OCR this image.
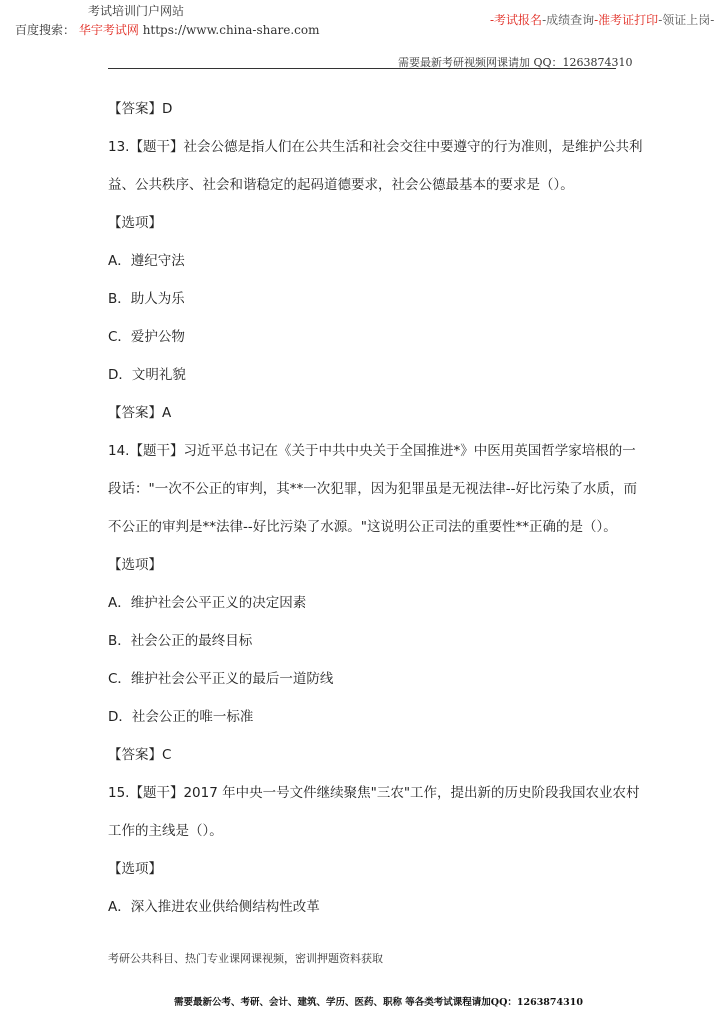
考试培训门户网站
百度搜索： 华宇考试网 https://www.china-share.com
-考试报名-成绩查询-准考证打印-领证上岗-
需要最新考研视频网课请加 QQ：1263874310
【答案】D
13.【题干】社会公德是指人们在公共生活和社会交往中要遵守的行为准则，是维护公共利
益、公共秩序、社会和谐稳定的起码道德要求，社会公德最基本的要求是（）。
【选项】
A．遵纪守法
B．助人为乐
C．爱护公物
D．文明礼貌
【答案】A
14.【题干】习近平总书记在《关于中共中央关于全国推进*》中医用英国哲学家培根的一
段话："一次不公正的审判，其**一次犯罪，因为犯罪虽是无视法律--好比污染了水质，而
不公正的审判是**法律--好比污染了水源。"这说明公正司法的重要性**正确的是（）。
【选项】
A．维护社会公平正义的决定因素
B．社会公正的最终目标
C．维护社会公平正义的最后一道防线
D．社会公正的唯一标准
【答案】C
15.【题干】2017 年中央一号文件继续聚焦"三农"工作，提出新的历史阶段我国农业农村
工作的主线是（）。
【选项】
A．深入推进农业供给侧结构性改革
考研公共科目、热门专业课网课视频，密训押题资料获取
需要最新公考、考研、会计、建筑、学历、医药、职称 等各类考试课程请加QQ：1263874310
